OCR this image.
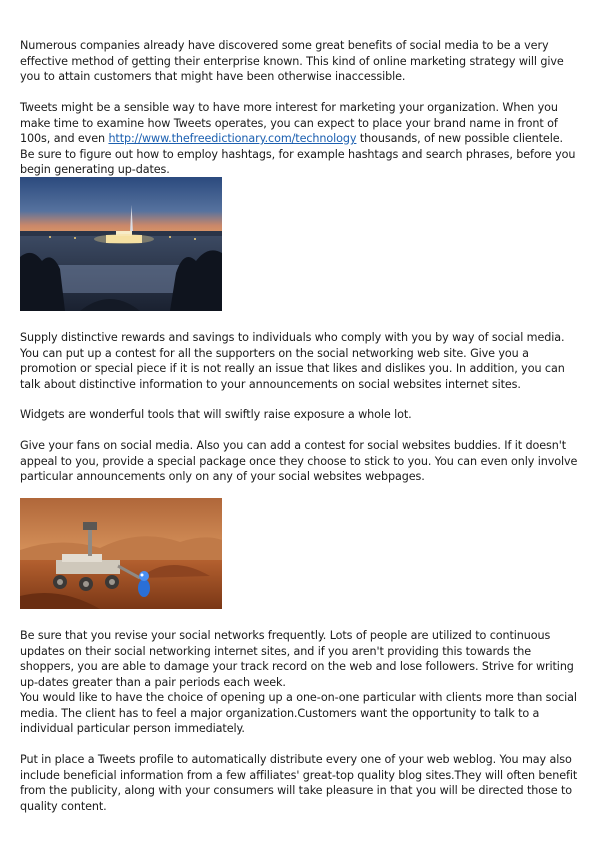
Numerous companies already have discovered some great benefits of social media to be a very effective method of getting their enterprise known. This kind of online marketing strategy will give you to attain customers that might have been otherwise inaccessible.

Tweets might be a sensible way to have more interest for marketing your organization. When you make time to examine how Tweets operates, you can expect to place your brand name in front of 100s, and even http://www.thefreedictionary.com/technology thousands, of new possible clientele. Be sure to figure out how to employ hashtags, for example hashtags and search phrases, before you begin generating up-dates.

Supply distinctive rewards and savings to individuals who comply with you by way of social media. You can put up a contest for all the supporters on the social networking web site. Give you a promotion or special piece if it is not really an issue that likes and dislikes you. In addition, you can talk about distinctive information to your announcements on social websites internet sites.

Widgets are wonderful tools that will swiftly raise exposure a whole lot.

Give your fans on social media. Also you can add a contest for social websites buddies. If it doesn't appeal to you, provide a special package once they choose to stick to you. You can even only involve particular announcements only on any of your social websites webpages.

Be sure that you revise your social networks frequently. Lots of people are utilized to continuous updates on their social networking internet sites, and if you aren't providing this towards the shoppers, you are able to damage your track record on the web and lose followers. Strive for writing up-dates greater than a pair periods each week.

You would like to have the choice of opening up a one-on-one particular with clients more than social media. The client has to feel a major organization.Customers want the opportunity to talk to a individual particular person immediately.

Put in place a Tweets profile to automatically distribute every one of your web weblog. You may also include beneficial information from a few affiliates' great-top quality blog sites.They will often benefit from the publicity, along with your consumers will take pleasure in that you will be directed those to quality content.
